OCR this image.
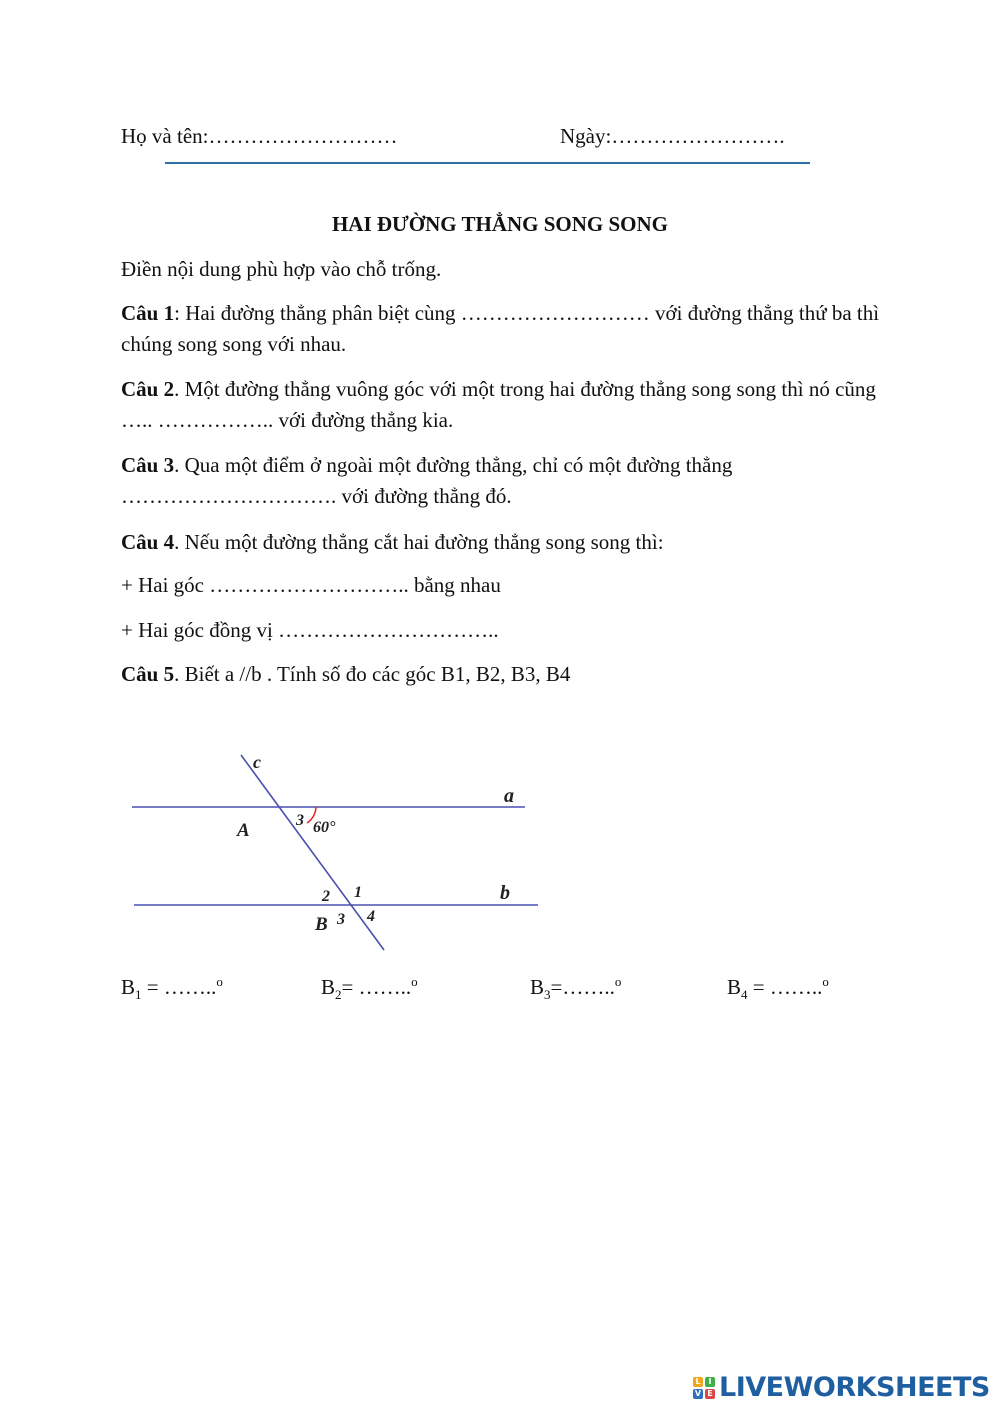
Họ và tên:………………………	Ngày:…………………….
HAI ĐƯỜNG THẲNG SONG SONG
Điền nội dung phù hợp vào chỗ trống.
Câu 1: Hai đường thẳng phân biệt cùng ……………………… với đường thẳng thứ ba thì chúng song song với nhau.
Câu 2. Một đường thẳng vuông góc với một trong hai đường thẳng song song thì nó cũng ….. …………….. với đường thẳng kia.
Câu 3. Qua một điểm ở ngoài một đường thẳng, chỉ có một đường thẳng …………………………. với đường thẳng đó.
Câu 4. Nếu một đường thẳng cắt hai đường thẳng song song thì:
+ Hai góc ……………………….. bằng nhau
+ Hai góc đồng vị …………………………..
Câu 5. Biết a //b . Tính số đo các góc B1, B2, B3, B4
c
a
b
A
B
3 60°
1
2
3 4
$B_1$ = ……..$^o$	$B_2=$ ……..$^o$	$B_3=\dots\dots..^o$	$B_4$ = ……..$^o$
L I
V E LIVEWORKSHEETS
